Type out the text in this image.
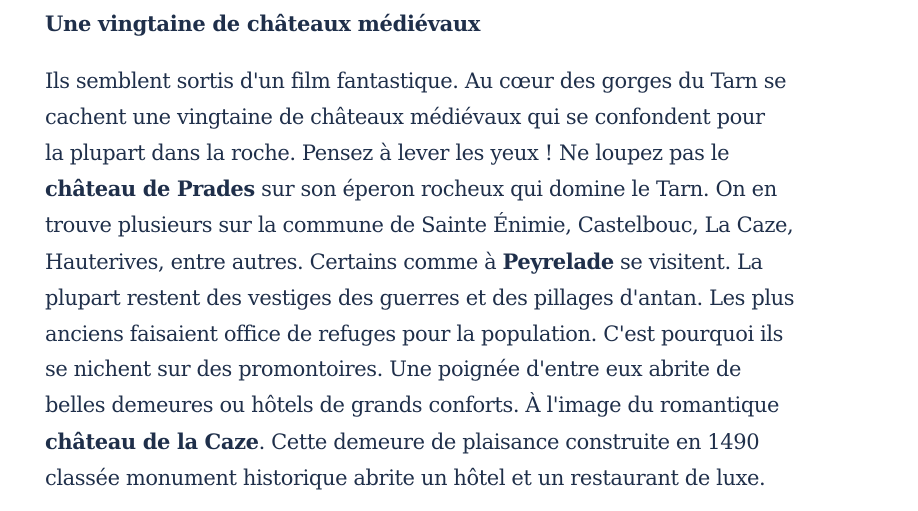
Une vingtaine de châteaux médiévaux
Ils semblent sortis d'un film fantastique. Au cœur des gorges du Tarn se
cachent une vingtaine de châteaux médiévaux qui se confondent pour
la plupart dans la roche. Pensez à lever les yeux ! Ne loupez pas le
château de Prades sur son éperon rocheux qui domine le Tarn. On en
trouve plusieurs sur la commune de Sainte Énimie, Castelbouc, La Caze,
Hauterives, entre autres. Certains comme à Peyrelade se visitent. La
plupart restent des vestiges des guerres et des pillages d'antan. Les plus
anciens faisaient office de refuges pour la population. C'est pourquoi ils
se nichent sur des promontoires. Une poignée d'entre eux abrite de
belles demeures ou hôtels de grands conforts. À l'image du romantique
château de la Caze. Cette demeure de plaisance construite en 1490
classée monument historique abrite un hôtel et un restaurant de luxe.
